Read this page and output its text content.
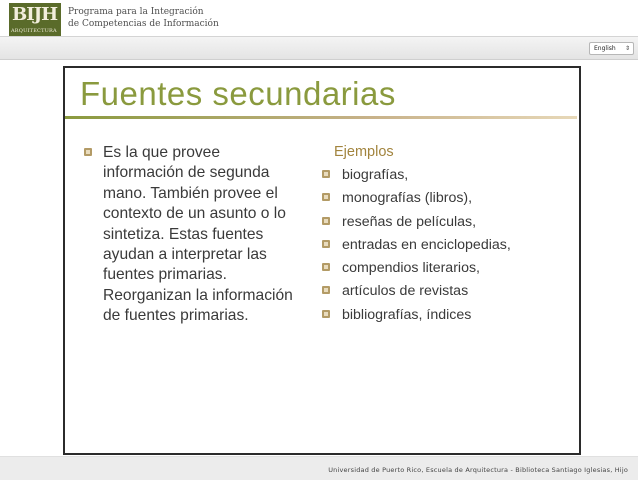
BIJH
ARQUITECTURA
Programa para la Integración
de Competencias de Información
English ⇕
Fuentes secundarias

Es la que provee información de segunda mano. También provee el contexto de un asunto o lo sintetiza. Estas fuentes ayudan a interpretar las fuentes primarias. Reorganizan la información de fuentes primarias.

Ejemplos
biografías,
monografías (libros),
reseñas de películas,
entradas en enciclopedias,
compendios literarios,
artículos de revistas
bibliografías, índices
Universidad de Puerto Rico, Escuela de Arquitectura - Biblioteca Santiago Iglesias, Hijo
